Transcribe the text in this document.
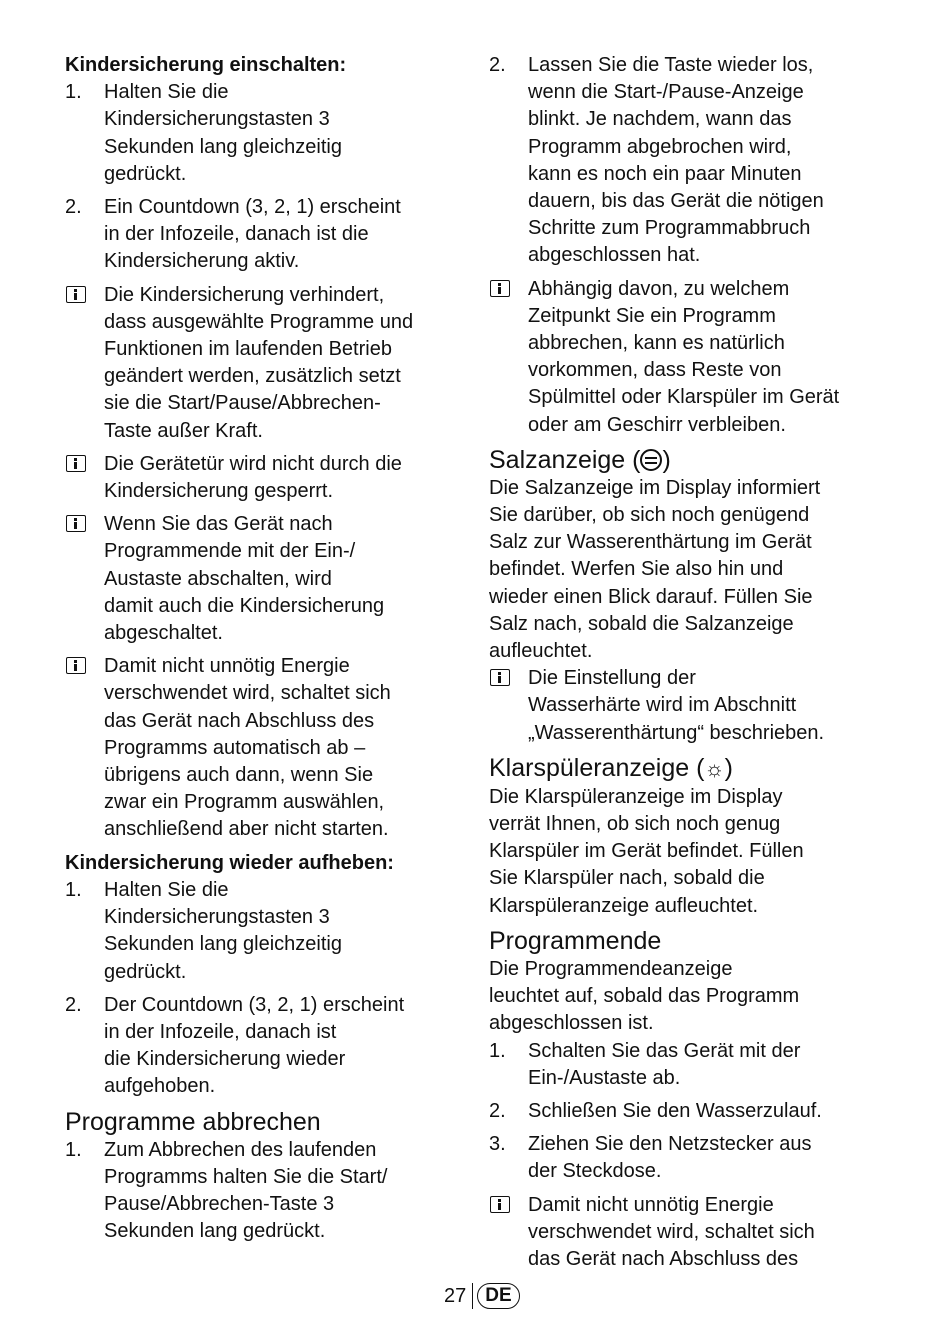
Kindersicherung einschalten:

1.	Halten Sie die
Kindersicherungstasten 3
Sekunden lang gleichzeitig
gedrückt.
2.	Ein Countdown (3, 2, 1) erscheint
in der Infozeile, danach ist die
Kindersicherung aktiv.
Die Kindersicherung verhindert,
dass ausgewählte Programme und
Funktionen im laufenden Betrieb
geändert werden, zusätzlich setzt
sie die Start/Pause/Abbrechen-
Taste außer Kraft.
Die Gerätetür wird nicht durch die
Kindersicherung gesperrt.
Wenn Sie das Gerät nach
Programmende mit der Ein-/
Austaste abschalten, wird
damit auch die Kindersicherung
abgeschaltet.
Damit nicht unnötig Energie
verschwendet wird, schaltet sich
das Gerät nach Abschluss des
Programms automatisch ab –
übrigens auch dann, wenn Sie
zwar ein Programm auswählen,
anschließend aber nicht starten.

Kindersicherung wieder aufheben:

1.	Halten Sie die
Kindersicherungstasten 3
Sekunden lang gleichzeitig
gedrückt.
2.	Der Countdown (3, 2, 1) erscheint
in der Infozeile, danach ist
die Kindersicherung wieder
aufgehoben.
Programme abbrechen
1.	Zum Abbrechen des laufenden
Programms halten Sie die Start/
Pause/Abbrechen-Taste 3
Sekunden lang gedrückt.
2.	Lassen Sie die Taste wieder los,
wenn die Start-/Pause-Anzeige
blinkt. Je nachdem, wann das
Programm abgebrochen wird,
kann es noch ein paar Minuten
dauern, bis das Gerät die nötigen
Schritte zum Programmabbruch
abgeschlossen hat.
Abhängig davon, zu welchem
Zeitpunkt Sie ein Programm
abbrechen, kann es natürlich
vorkommen, dass Reste von
Spülmittel oder Klarspüler im Gerät
oder am Geschirr verbleiben.
Salzanzeige ( )

Die Salzanzeige im Display informiert
Sie darüber, ob sich noch genügend
Salz zur Wasserenthärtung im Gerät
befindet. Werfen Sie also hin und
wieder einen Blick darauf. Füllen Sie
Salz nach, sobald die Salzanzeige
aufleuchtet.

Die Einstellung der
Wasserhärte wird im Abschnitt
„Wasserenthärtung“ beschrieben.
Klarspüleranzeige (☼)

Die Klarspüleranzeige im Display
verrät Ihnen, ob sich noch genug
Klarspüler im Gerät befindet. Füllen
Sie Klarspüler nach, sobald die
Klarspüleranzeige aufleuchtet.

Programmende

Die Programmendeanzeige
leuchtet auf, sobald das Programm
abgeschlossen ist.

1.	Schalten Sie das Gerät mit der
Ein-/Austaste ab.
2.	Schließen Sie den Wasserzulauf.
3.	Ziehen Sie den Netzstecker aus
der Steckdose.
Damit nicht unnötig Energie
verschwendet wird, schaltet sich
das Gerät nach Abschluss des
27	DE
